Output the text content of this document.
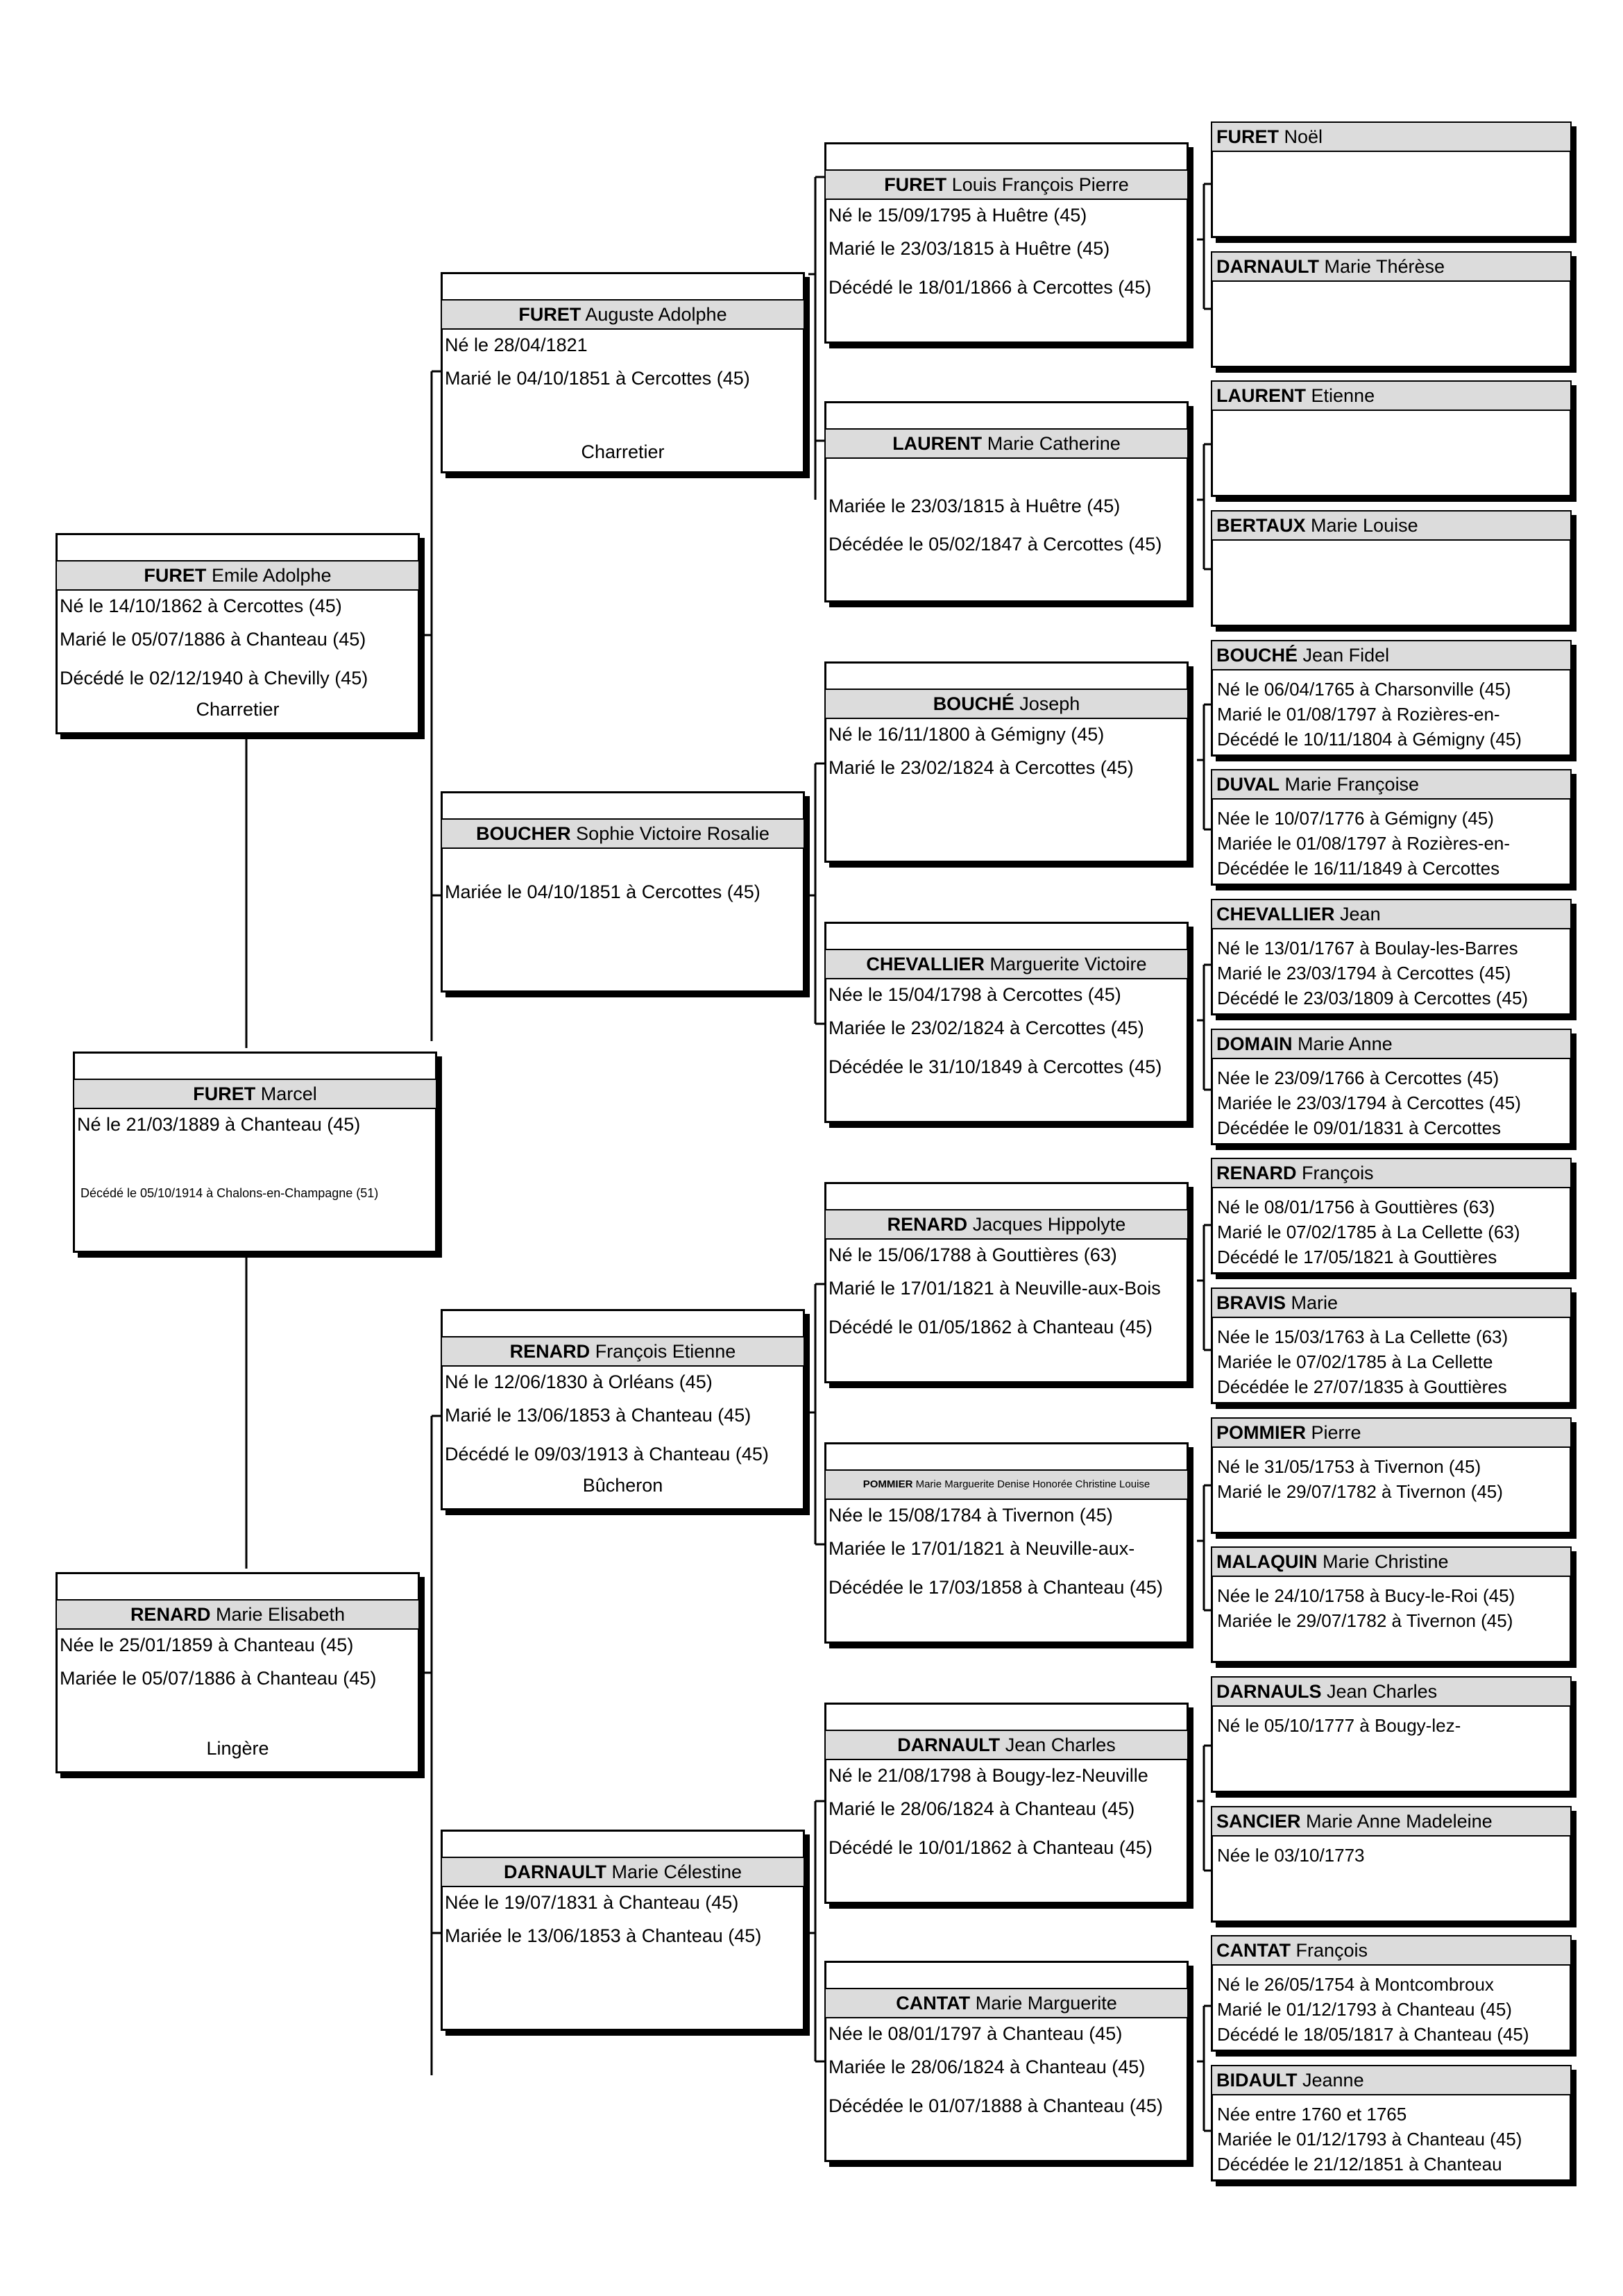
FURET Marcel
Né le 21/03/1889 à Chanteau (45)
Décédé le 05/10/1914 à Chalons-en-Champagne (51)
FURET Emile Adolphe
Né le 14/10/1862 à Cercottes (45)
Marié le 05/07/1886 à Chanteau (45)
Décédé le 02/12/1940 à Chevilly (45)
Charretier
RENARD Marie Elisabeth
Née le 25/01/1859 à Chanteau (45)
Mariée le 05/07/1886 à Chanteau (45)
Lingère
FURET Auguste Adolphe
Né le 28/04/1821
Marié le 04/10/1851 à Cercottes (45)
Charretier
BOUCHER Sophie Victoire Rosalie
Mariée le 04/10/1851 à Cercottes (45)
RENARD François Etienne
Né le 12/06/1830 à Orléans (45)
Marié le 13/06/1853 à Chanteau (45)
Décédé le 09/03/1913 à Chanteau (45)
Bûcheron
DARNAULT Marie Célestine
Née le 19/07/1831 à Chanteau (45)
Mariée le 13/06/1853 à Chanteau (45)
FURET Louis François Pierre
Né le 15/09/1795 à Huêtre (45)
Marié le 23/03/1815 à Huêtre (45)
Décédé le 18/01/1866 à Cercottes (45)
LAURENT Marie Catherine
Mariée le 23/03/1815 à Huêtre (45)
Décédée le 05/02/1847 à Cercottes (45)
BOUCHÉ Joseph
Né le 16/11/1800 à Gémigny (45)
Marié le 23/02/1824 à Cercottes (45)
CHEVALLIER Marguerite Victoire
Née le 15/04/1798 à Cercottes (45)
Mariée le 23/02/1824 à Cercottes (45)
Décédée le 31/10/1849 à Cercottes (45)
RENARD Jacques Hippolyte
Né le 15/06/1788 à Gouttières (63)
Marié le 17/01/1821 à Neuville-aux-Bois
Décédé le 01/05/1862 à Chanteau (45)
POMMIER Marie Marguerite Denise Honorée Christine Louise
Née le 15/08/1784 à Tivernon (45)
Mariée le 17/01/1821 à Neuville-aux-
Décédée le 17/03/1858 à Chanteau (45)
DARNAULT Jean Charles
Né le 21/08/1798 à Bougy-lez-Neuville
Marié le 28/06/1824 à Chanteau (45)
Décédé le 10/01/1862 à Chanteau (45)
CANTAT Marie Marguerite
Née le 08/01/1797 à Chanteau (45)
Mariée le 28/06/1824 à Chanteau (45)
Décédée le 01/07/1888 à Chanteau (45)
FURET Noël
DARNAULT Marie Thérèse
LAURENT Etienne
BERTAUX Marie Louise
BOUCHÉ Jean Fidel
Né le 06/04/1765 à Charsonville (45)
Marié le 01/08/1797 à Rozières-en-
Décédé le 10/11/1804 à Gémigny (45)
DUVAL Marie Françoise
Née le 10/07/1776 à Gémigny (45)
Mariée le 01/08/1797 à Rozières-en-
Décédée le 16/11/1849 à Cercottes
CHEVALLIER Jean
Né le 13/01/1767 à Boulay-les-Barres
Marié le 23/03/1794 à Cercottes (45)
Décédé le 23/03/1809 à Cercottes (45)
DOMAIN Marie Anne
Née le 23/09/1766 à Cercottes (45)
Mariée le 23/03/1794 à Cercottes (45)
Décédée le 09/01/1831 à Cercottes
RENARD François
Né le 08/01/1756 à Gouttières (63)
Marié le 07/02/1785 à La Cellette (63)
Décédé le 17/05/1821 à Gouttières
BRAVIS Marie
Née le 15/03/1763 à La Cellette (63)
Mariée le 07/02/1785 à La Cellette
Décédée le 27/07/1835 à Gouttières
POMMIER Pierre
Né le 31/05/1753 à Tivernon (45)
Marié le 29/07/1782 à Tivernon (45)
MALAQUIN Marie Christine
Née le 24/10/1758 à Bucy-le-Roi (45)
Mariée le 29/07/1782 à Tivernon (45)
DARNAULS Jean Charles
Né le 05/10/1777 à Bougy-lez-
SANCIER Marie Anne Madeleine
Née le 03/10/1773
CANTAT François
Né le 26/05/1754 à Montcombroux
Marié le 01/12/1793 à Chanteau (45)
Décédé le 18/05/1817 à Chanteau (45)
BIDAULT Jeanne
Née entre 1760 et 1765
Mariée le 01/12/1793 à Chanteau (45)
Décédée le 21/12/1851 à Chanteau
